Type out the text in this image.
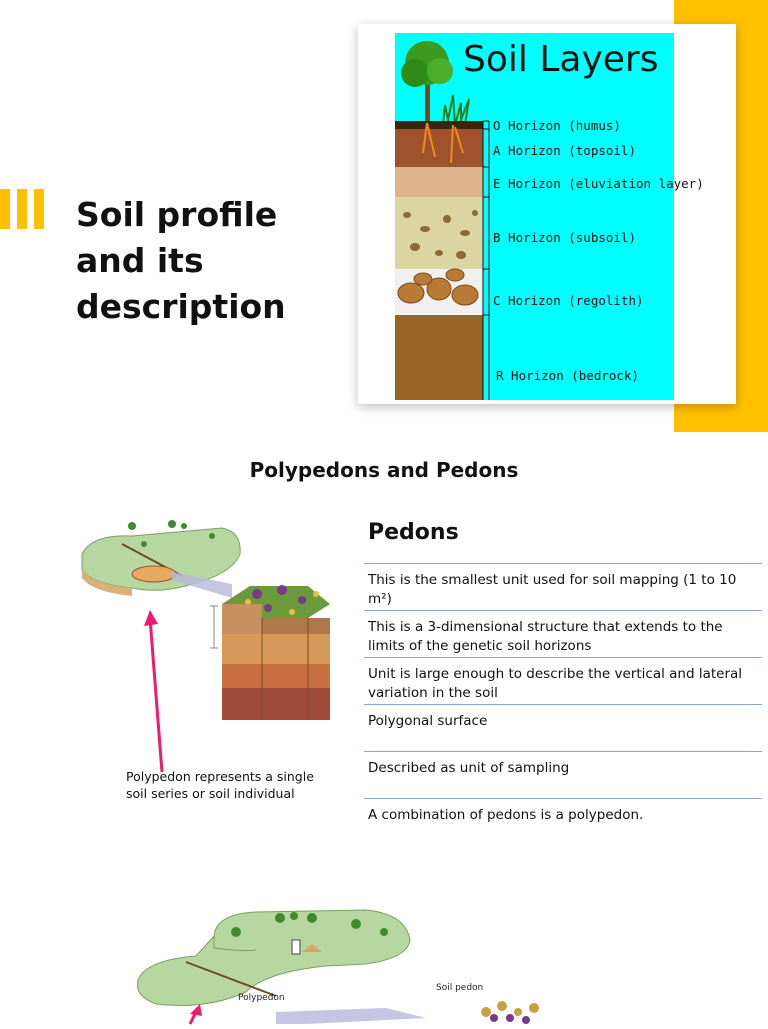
Soil profile and its description
Soil Layers
O Horizon (humus)
A Horizon (topsoil)
E Horizon (eluviation layer)
B Horizon (subsoil)
C Horizon (regolith)
R Horizon (bedrock)
Polypedons and Pedons
Pedons
This is the smallest unit used for soil mapping (1 to 10 m²)
This is a 3-dimensional structure that extends to the limits of the genetic soil horizons
Unit is large enough to describe the vertical and lateral variation in the soil
Polygonal surface
Described as unit of sampling
A combination of pedons is a polypedon.

Polypedon represents a single soil series or soil individual

Soil pedon
Polypedon
